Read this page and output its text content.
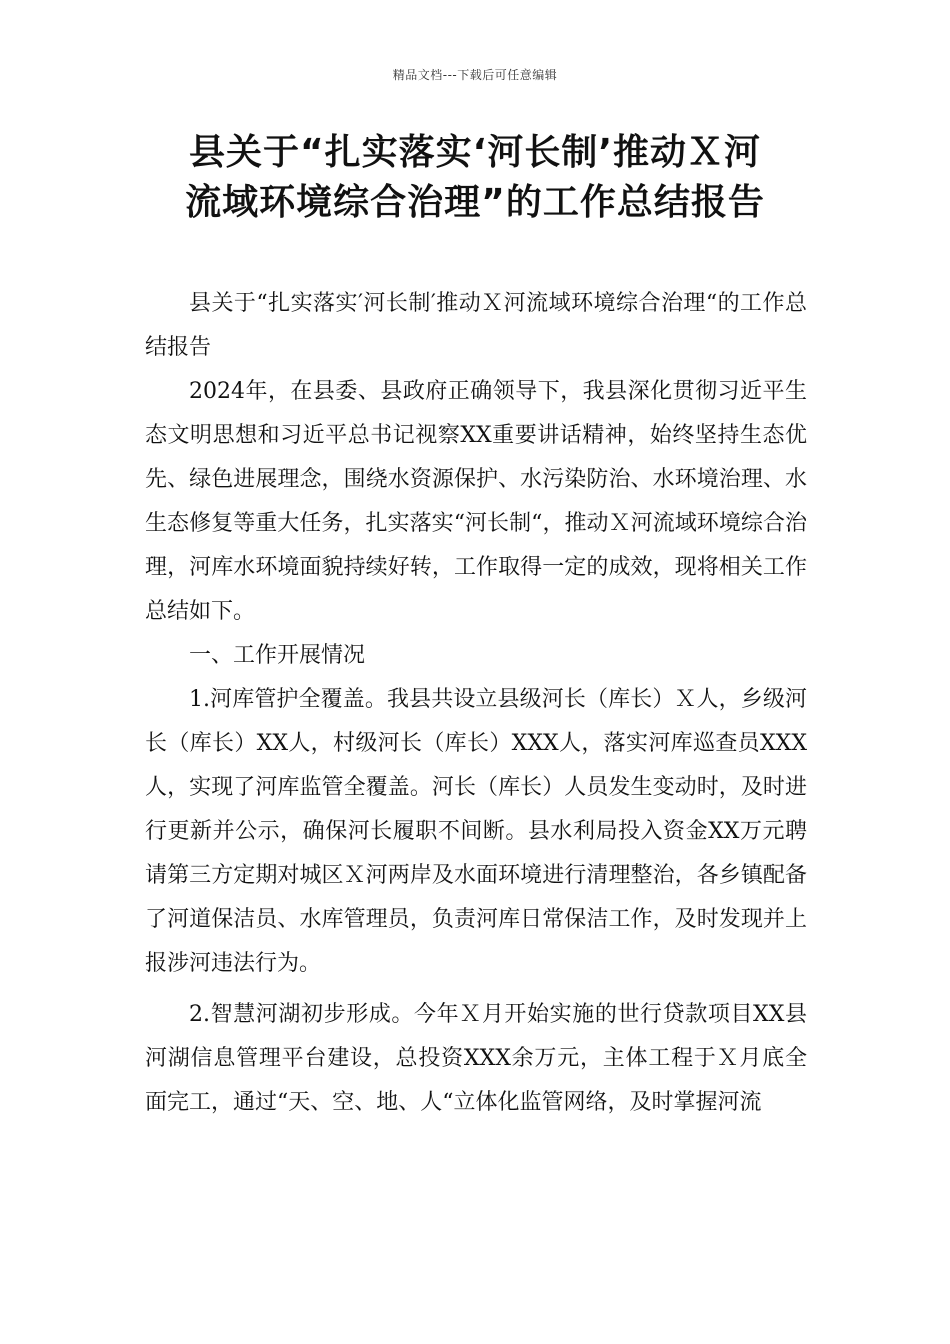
精品文档---下载后可任意编辑
县关于“扎实落实‘河长制’推动Ｘ河
流域环境综合治理”的工作总结报告

县关于“扎实落实′河长制′推动Ｘ河流域环境综合治理“的工作总结报告

2024年，在县委、县政府正确领导下，我县深化贯彻习近平生态文明思想和习近平总书记视察XX重要讲话精神，始终坚持生态优先、绿色进展理念，围绕水资源保护、水污染防治、水环境治理、水生态修复等重大任务，扎实落实“河长制“，推动Ｘ河流域环境综合治理，河库水环境面貌持续好转，工作取得一定的成效，现将相关工作总结如下。

一、工作开展情况

1.河库管护全覆盖。我县共设立县级河长（库长）Ｘ人，乡级河长（库长）XX人，村级河长（库长）XXX人，落实河库巡查员XXX人，实现了河库监管全覆盖。河长（库长）人员发生变动时，及时进行更新并公示，确保河长履职不间断。县水利局投入资金XX万元聘请第三方定期对城区Ｘ河两岸及水面环境进行清理整治，各乡镇配备了河道保洁员、水库管理员，负责河库日常保洁工作，及时发现并上报涉河违法行为。

2.智慧河湖初步形成。今年Ｘ月开始实施的世行贷款项目XX县河湖信息管理平台建设，总投资XXX余万元，主体工程于Ｘ月底全面完工，通过“天、空、地、人“立体化监管网络，及时掌握河流
